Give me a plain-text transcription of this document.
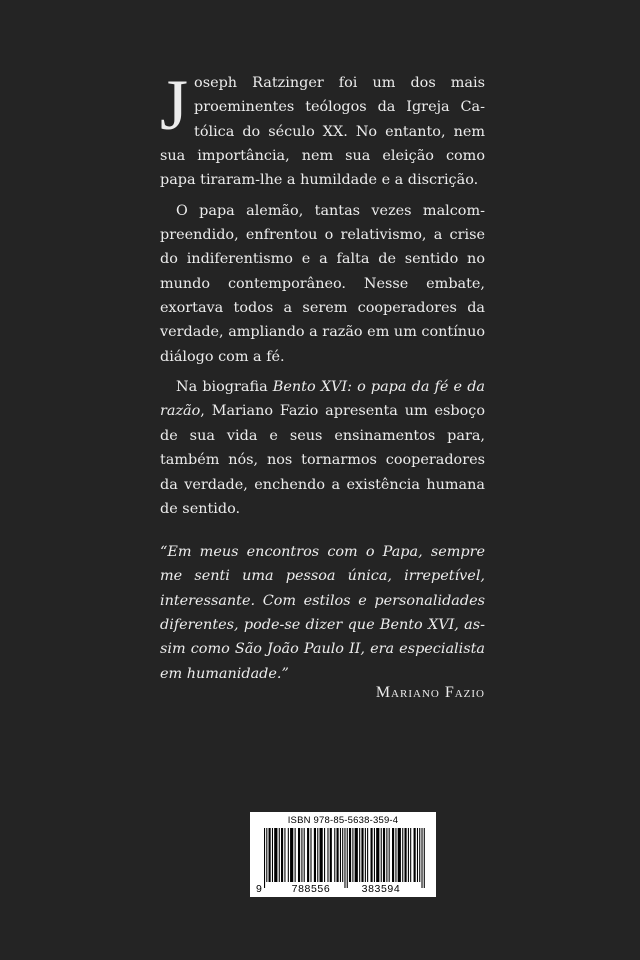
Joseph Ratzinger foi um dos mais proeminentes teólogos da Igreja Católica do século XX. No entanto, nem sua importância, nem sua eleição como papa tiraram-lhe a humildade e a discrição.

O papa alemão, tantas vezes malcompreendido, enfrentou o relativismo, a crise do indiferentismo e a falta de sentido no mundo contemporâneo. Nesse embate, exortava todos a serem cooperadores da verdade, ampliando a razão em um contínuo diálogo com a fé.

Na biografia Bento XVI: o papa da fé e da razão, Mariano Fazio apresenta um esboço de sua vida e seus ensinamentos para, também nós, nos tornarmos cooperadores da verdade, enchendo a existência humana de sentido.

“Em meus encontros com o Papa, sempre me senti uma pessoa única, irrepetível, interessante. Com estilos e personalidades diferentes, pode-se dizer que Bento XVI, assim como São João Paulo II, era especialista em humanidade.”
Mariano Fazio
ISBN 978-85-5638-359-4
9	788556	383594
